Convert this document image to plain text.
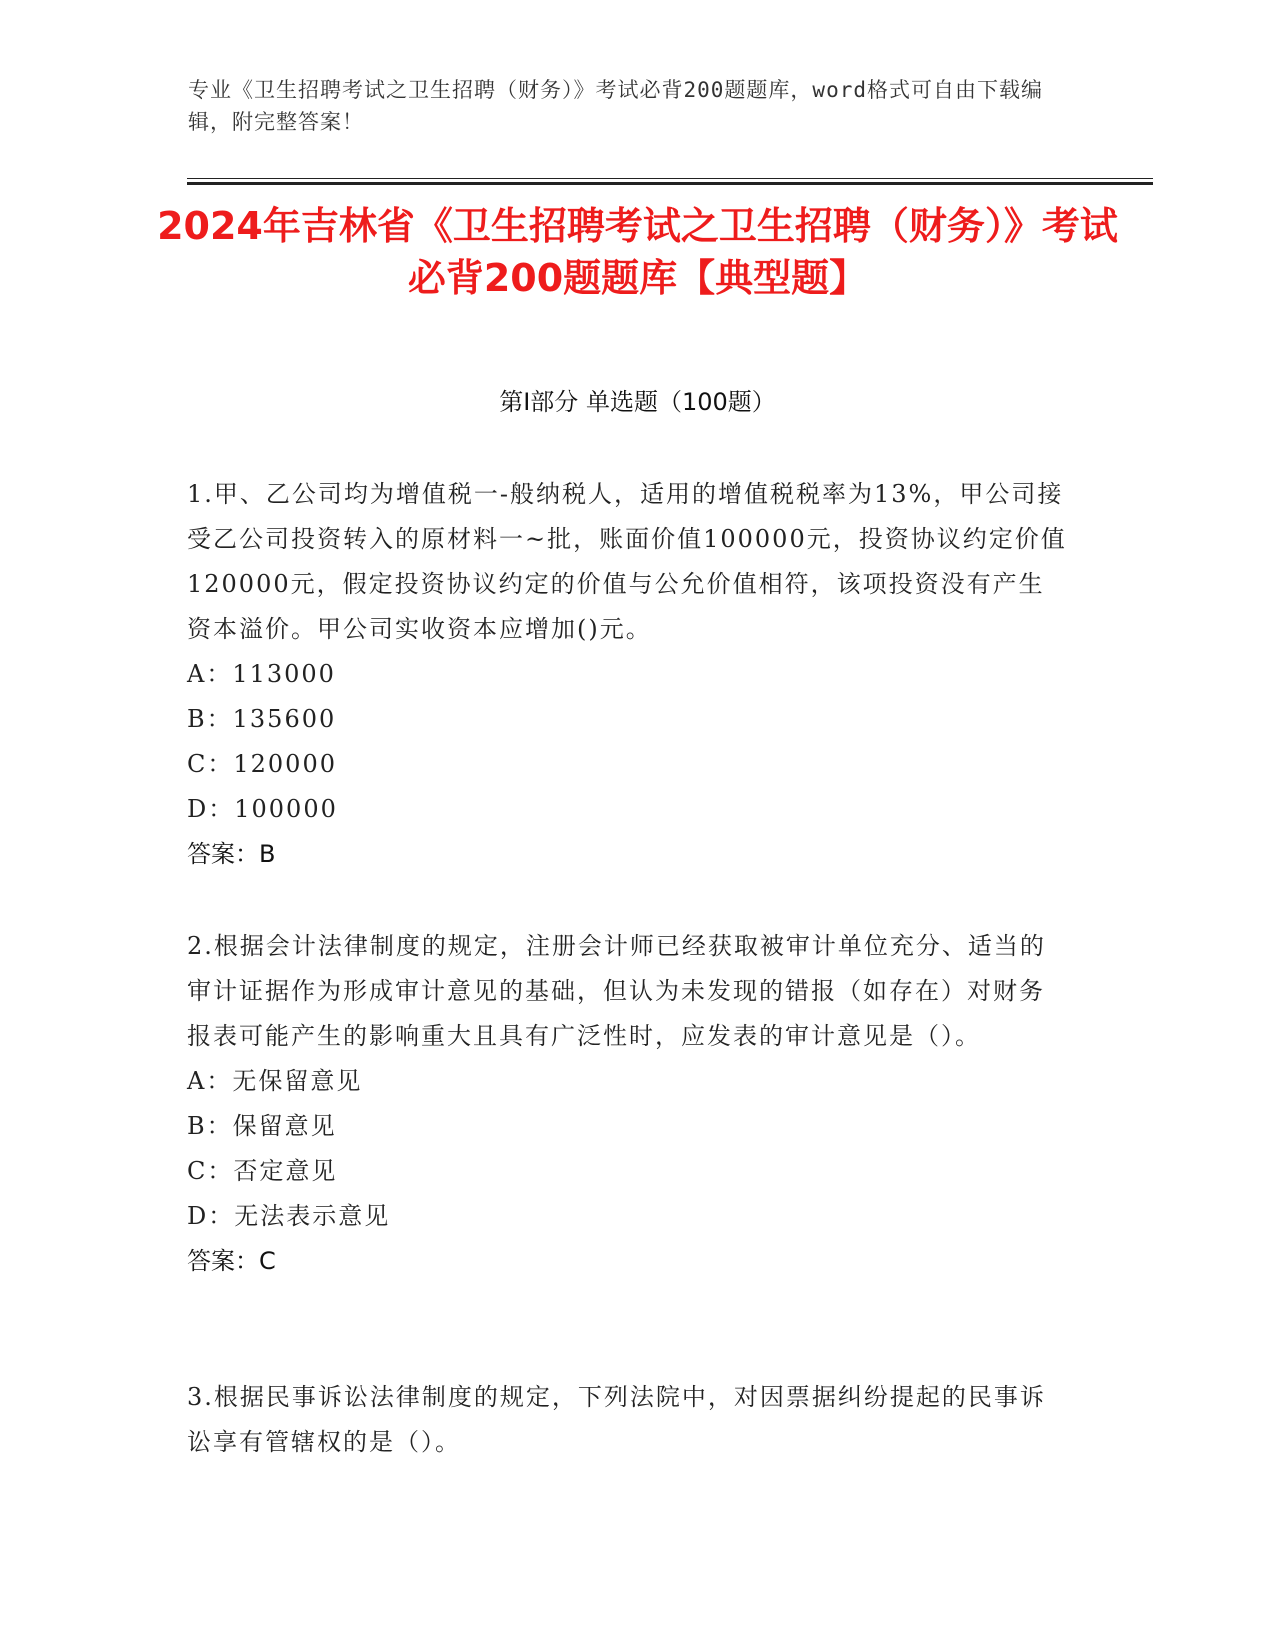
专业《卫生招聘考试之卫生招聘（财务）》考试必背200题题库，word格式可自由下载编辑，附完整答案！
2024年吉林省《卫生招聘考试之卫生招聘（财务）》考试必背200题题库【典型题】
第Ⅰ部分 单选题（100题）
1.甲、乙公司均为增值税一-般纳税人，适用的增值税税率为13%，甲公司接受乙公司投资转入的原材料一~批，账面价值100000元，投资协议约定价值120000元，假定投资协议约定的价值与公允价值相符，该项投资没有产生资本溢价。甲公司实收资本应增加()元。
A：113000
B：135600
C：120000
D：100000
答案：B
2.根据会计法律制度的规定，注册会计师已经获取被审计单位充分、适当的审计证据作为形成审计意见的基础，但认为未发现的错报（如存在）对财务报表可能产生的影响重大且具有广泛性时，应发表的审计意见是（）。
A：无保留意见
B：保留意见
C：否定意见
D：无法表示意见
答案：C
3.根据民事诉讼法律制度的规定，下列法院中，对因票据纠纷提起的民事诉讼享有管辖权的是（）。
